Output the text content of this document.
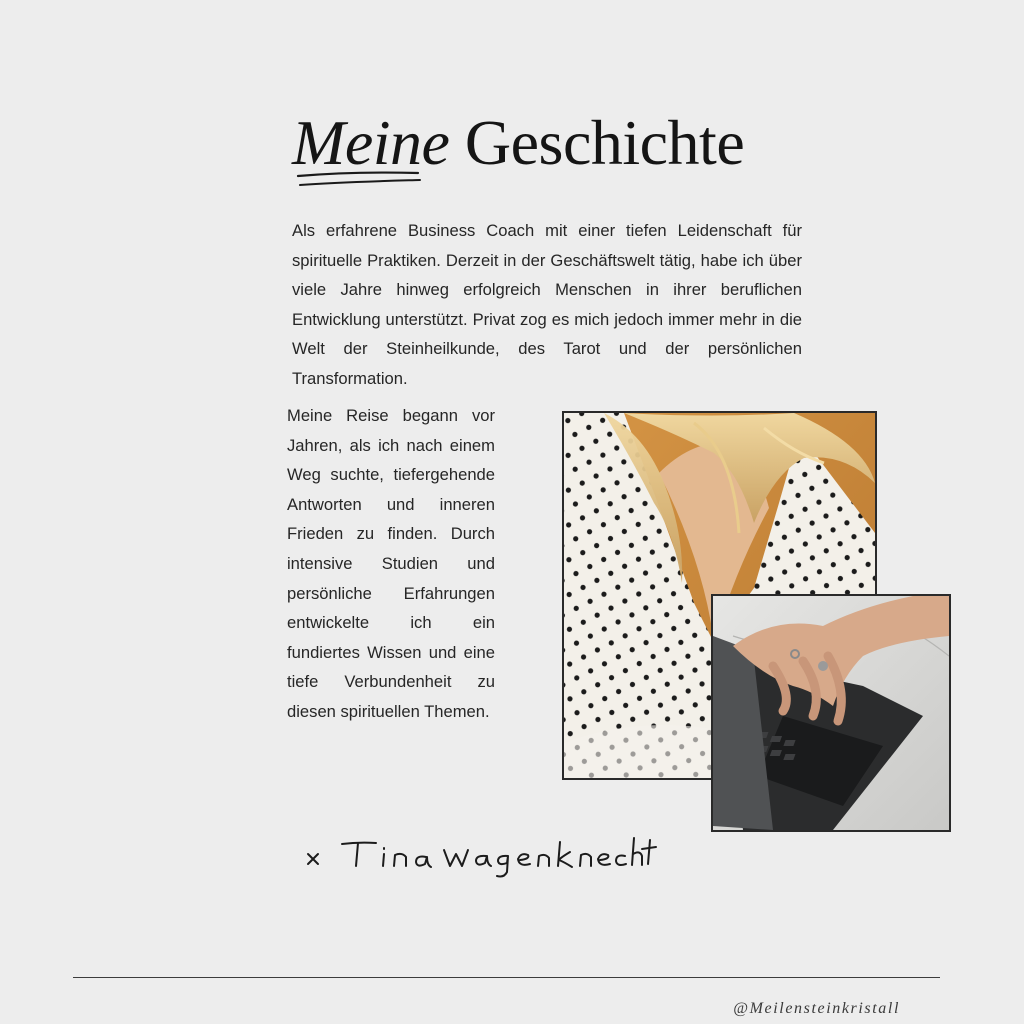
Meine Geschichte

Als erfahrene Business Coach mit einer tiefen Leidenschaft für spirituelle Praktiken. Derzeit in der Geschäftswelt tätig, habe ich über viele Jahre hinweg erfolgreich Menschen in ihrer beruflichen Entwicklung unterstützt. Privat zog es mich jedoch immer mehr in die Welt der Steinheilkunde, des Tarot und der persönlichen Transformation.

Meine Reise begann vor Jahren, als ich nach einem Weg suchte, tiefergehende Antworten und inneren Frieden zu finden. Durch intensive Studien und persönliche Erfahrungen entwickelte ich ein fundiertes Wissen und eine tiefe Verbundenheit zu diesen spirituellen Themen.

@Meilensteinkristall
